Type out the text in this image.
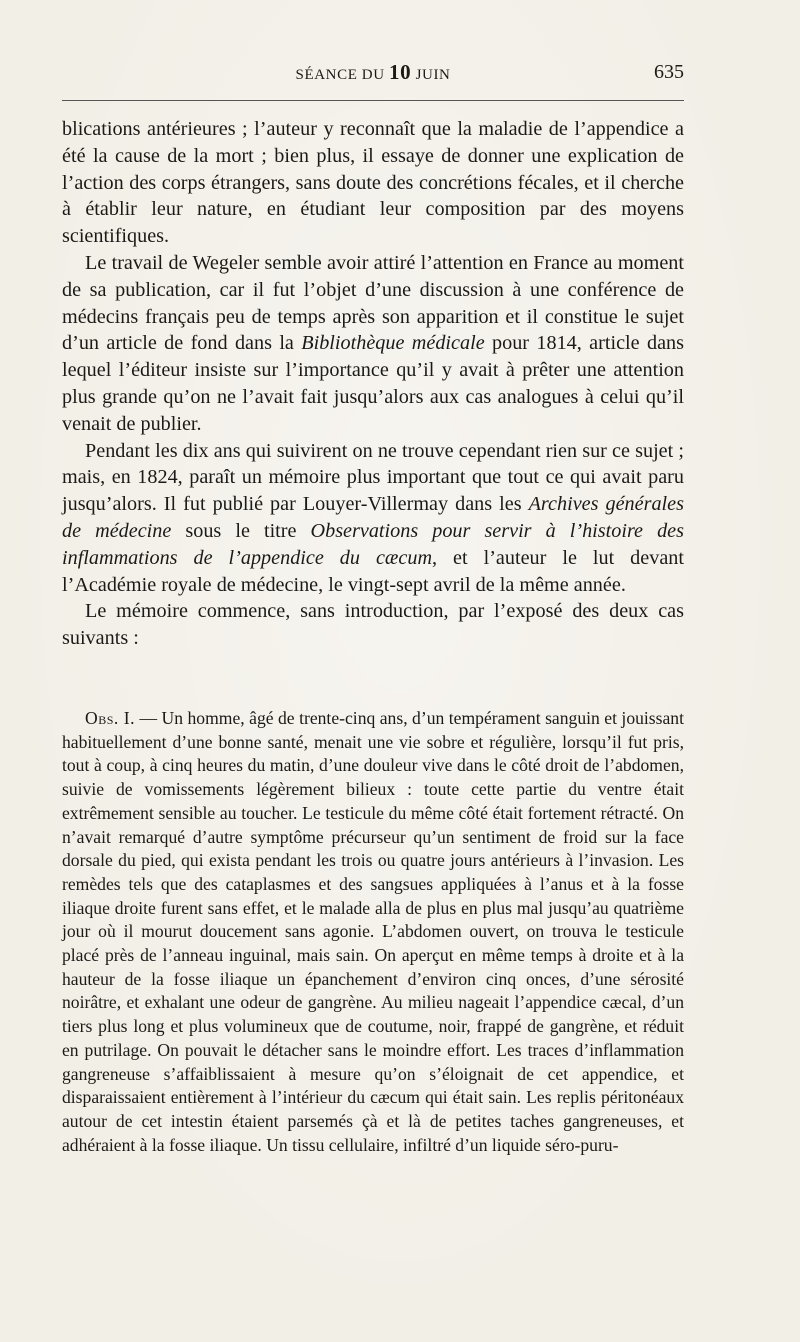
SÉANCE DU 10 JUIN	635

blications antérieures ; l’auteur y reconnaît que la maladie de l’appendice a été la cause de la mort ; bien plus, il essaye de donner une explication de l’action des corps étrangers, sans doute des concrétions fécales, et il cherche à établir leur nature, en étudiant leur composition par des moyens scientifiques.

Le travail de Wegeler semble avoir attiré l’attention en France au moment de sa publication, car il fut l’objet d’une discussion à une conférence de médecins français peu de temps après son apparition et il constitue le sujet d’un article de fond dans la Bibliothèque médicale pour 1814, article dans lequel l’éditeur insiste sur l’importance qu’il y avait à prêter une attention plus grande qu’on ne l’avait fait jusqu’alors aux cas analogues à celui qu’il venait de publier.

Pendant les dix ans qui suivirent on ne trouve cependant rien sur ce sujet ; mais, en 1824, paraît un mémoire plus important que tout ce qui avait paru jusqu’alors. Il fut publié par Louyer-Villermay dans les Archives générales de médecine sous le titre Observations pour servir à l’histoire des inflammations de l’appendice du cæcum, et l’auteur le lut devant l’Académie royale de médecine, le vingt-sept avril de la même année.

Le mémoire commence, sans introduction, par l’exposé des deux cas suivants :

Obs. I. — Un homme, âgé de trente-cinq ans, d’un tempérament sanguin et jouissant habituellement d’une bonne santé, menait une vie sobre et régulière, lorsqu’il fut pris, tout à coup, à cinq heures du matin, d’une douleur vive dans le côté droit de l’abdomen, suivie de vomissements légèrement bilieux : toute cette partie du ventre était extrêmement sensible au toucher. Le testicule du même côté était fortement rétracté. On n’avait remarqué d’autre symptôme précurseur qu’un sentiment de froid sur la face dorsale du pied, qui exista pendant les trois ou quatre jours antérieurs à l’invasion. Les remèdes tels que des cataplasmes et des sangsues appliquées à l’anus et à la fosse iliaque droite furent sans effet, et le malade alla de plus en plus mal jusqu’au quatrième jour où il mourut doucement sans agonie. L’abdomen ouvert, on trouva le testicule placé près de l’anneau inguinal, mais sain. On aperçut en même temps à droite et à la hauteur de la fosse iliaque un épanchement d’environ cinq onces, d’une sérosité noirâtre, et exhalant une odeur de gangrène. Au milieu nageait l’appendice cæcal, d’un tiers plus long et plus volumineux que de coutume, noir, frappé de gangrène, et réduit en putrilage. On pouvait le détacher sans le moindre effort. Les traces d’inflammation gangreneuse s’affaiblissaient à mesure qu’on s’éloignait de cet appendice, et disparaissaient entièrement à l’intérieur du cæcum qui était sain. Les replis péritonéaux autour de cet intestin étaient parsemés çà et là de petites taches gangreneuses, et adhéraient à la fosse iliaque. Un tissu cellulaire, infiltré d’un liquide séro-puru-
